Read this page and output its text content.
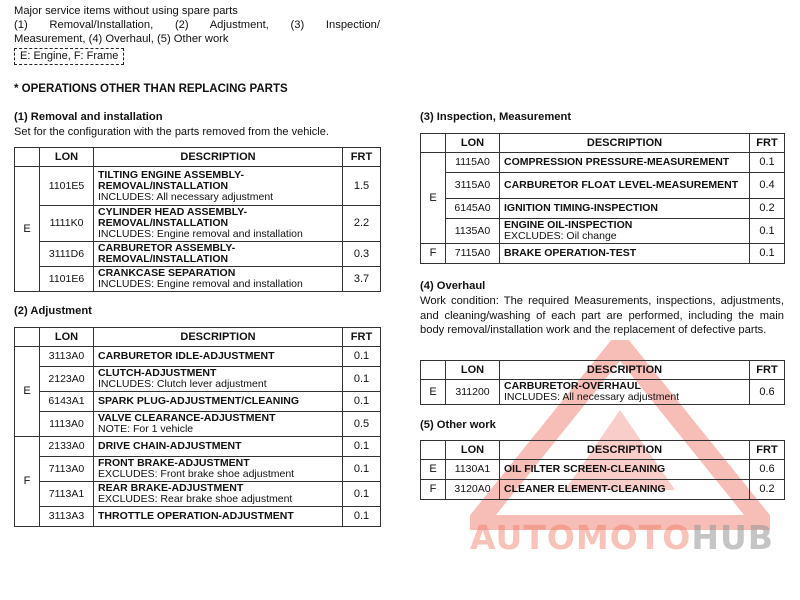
Major service items without using spare parts
(1) Removal/Installation, (2) Adjustment, (3) Inspection/
Measurement, (4) Overhaul, (5) Other work
E: Engine, F: Frame
* OPERATIONS OTHER THAN REPLACING PARTS
(1) Removal and installation
Set for the configuration with the parts removed from the vehicle.
	LON	DESCRIPTION	FRT
E	1101E5	TILTING ENGINE ASSEMBLY-REMOVAL/INSTALLATION
INCLUDES: All necessary adjustment	1.5
	1111K0	CYLINDER HEAD ASSEMBLY-REMOVAL/INSTALLATION
INCLUDES: Engine removal and installation	2.2
	3111D6	CARBURETOR ASSEMBLY-REMOVAL/INSTALLATION	0.3
	1101E6	CRANKCASE SEPARATION
INCLUDES: Engine removal and installation	3.7
(2) Adjustment
	LON	DESCRIPTION	FRT
E	3113A0	CARBURETOR IDLE-ADJUSTMENT	0.1
	2123A0	CLUTCH-ADJUSTMENT
INCLUDES: Clutch lever adjustment	0.1
	6143A1	SPARK PLUG-ADJUSTMENT/CLEANING	0.1
	1113A0	VALVE CLEARANCE-ADJUSTMENT
NOTE: For 1 vehicle	0.5
F	2133A0	DRIVE CHAIN-ADJUSTMENT	0.1
	7113A0	FRONT BRAKE-ADJUSTMENT
EXCLUDES: Front brake shoe adjustment	0.1
	7113A1	REAR BRAKE-ADJUSTMENT
EXCLUDES: Rear brake shoe adjustment	0.1
	3113A3	THROTTLE OPERATION-ADJUSTMENT	0.1
(3) Inspection, Measurement
	LON	DESCRIPTION	FRT
E	1115A0	COMPRESSION PRESSURE-MEASUREMENT	0.1
	3115A0	CARBURETOR FLOAT LEVEL-MEASUREMENT	0.4
	6145A0	IGNITION TIMING-INSPECTION	0.2
	1135A0	ENGINE OIL-INSPECTION
EXCLUDES: Oil change	0.1
F	7115A0	BRAKE OPERATION-TEST	0.1
(4) Overhaul
Work condition: The required Measurements, inspections, adjustments, and cleaning/washing of each part are performed, including the main body removal/installation work and the replacement of defective parts.
	LON	DESCRIPTION	FRT
E	311200	CARBURETOR-OVERHAUL
INCLUDES: All necessary adjustment	0.6
(5) Other work
	LON	DESCRIPTION	FRT
E	1130A1	OIL FILTER SCREEN-CLEANING	0.6
F	3120A0	CLEANER ELEMENT-CLEANING	0.2
AUTOMOTOHUB
